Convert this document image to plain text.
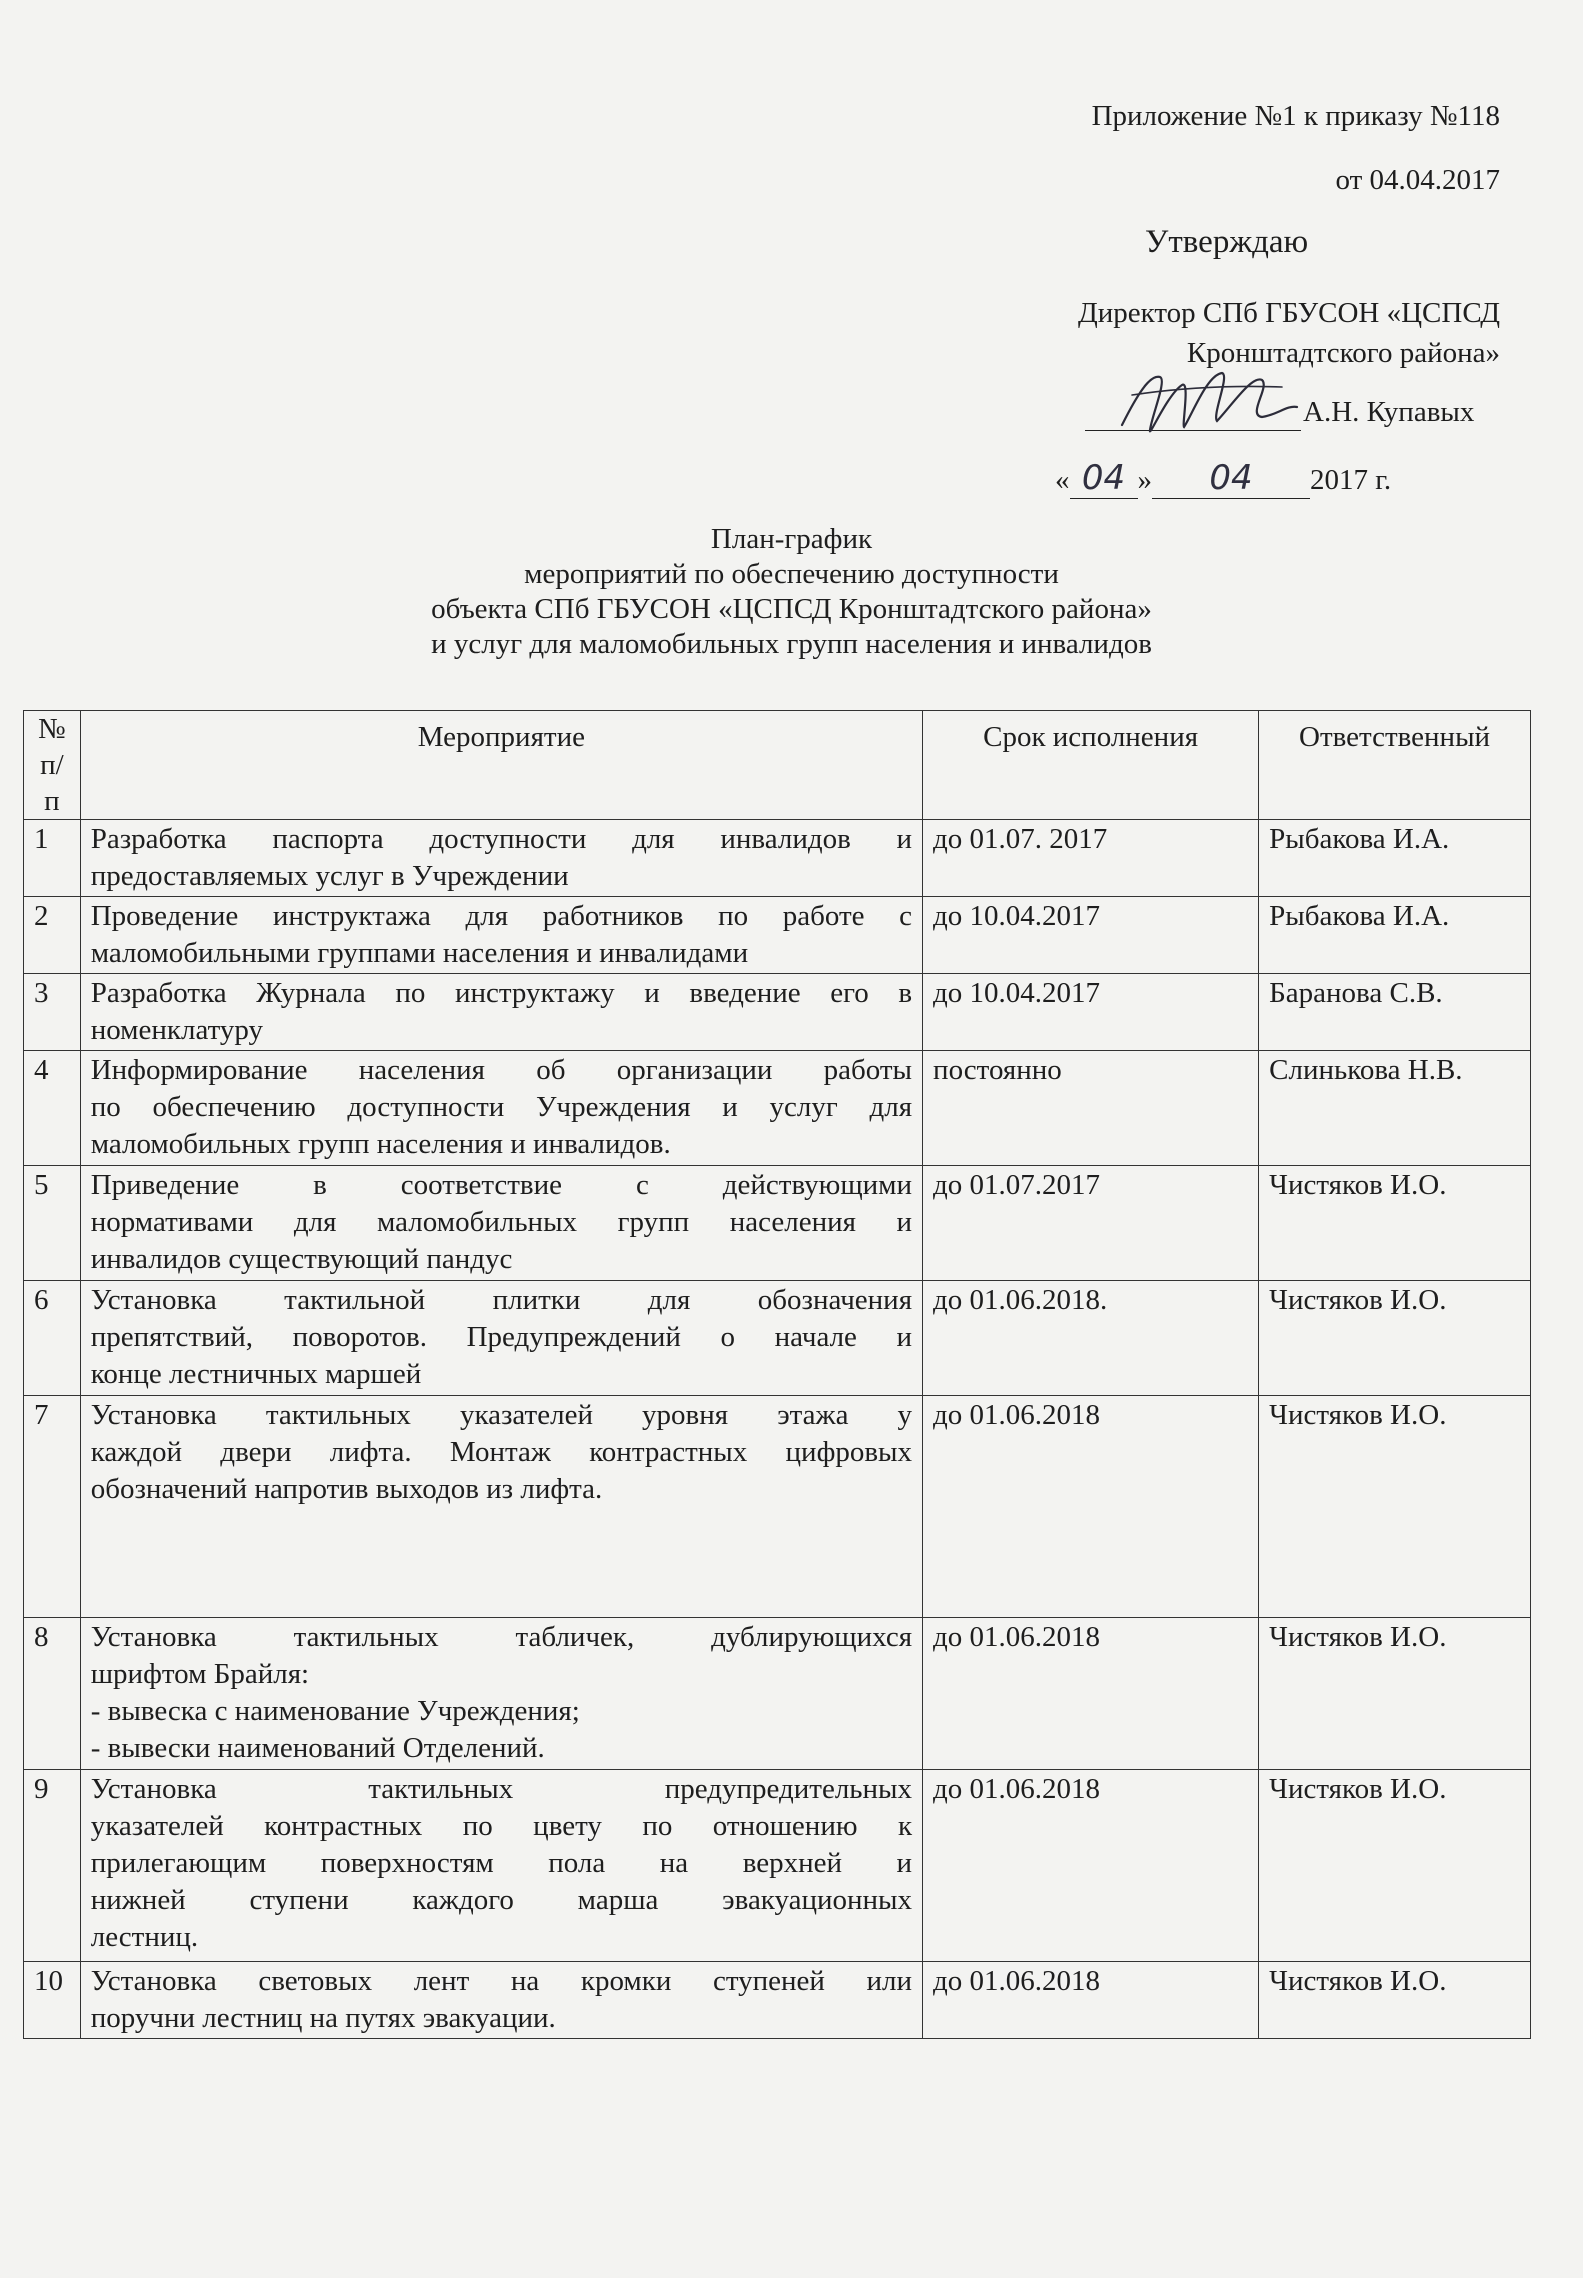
Приложение №1 к приказу №118
от 04.04.2017
Утверждаю
Директор СПб ГБУСОН «ЦСПСД
Кронштадтского района»
А.Н. Купавых
« 04 » 04 2017 г.
План-график
мероприятий по обеспечению доступности
объекта СПб ГБУСОН «ЦСПСД Кронштадтского района»
и услуг для маломобильных групп населения и инвалидов
№ п/п	Мероприятие	Срок исполнения	Ответственный
1	Разработка паспорта доступности для инвалидов и
предоставляемых услуг в Учреждении	до 01.07. 2017	Рыбакова И.А.
2	Проведение инструктажа для работников по работе с
маломобильными группами населения и инвалидами	до 10.04.2017	Рыбакова И.А.
3	Разработка Журнала по инструктажу и введение его в
номенклатуру	до 10.04.2017	Баранова С.В.
4	Информирование населения об организации работы
по обеспечению доступности Учреждения и услуг для
маломобильных групп населения и инвалидов.	постоянно	Слинькова Н.В.
5	Приведение в соответствие с действующими
нормативами для маломобильных групп населения и
инвалидов существующий пандус	до 01.07.2017	Чистяков И.О.
6	Установка тактильной плитки для обозначения
препятствий, поворотов. Предупреждений о начале и
конце лестничных маршей	до 01.06.2018.	Чистяков И.О.
7	Установка тактильных указателей уровня этажа у
каждой двери лифта. Монтаж контрастных цифровых
обозначений напротив выходов из лифта.	до 01.06.2018	Чистяков И.О.
8	Установка тактильных табличек, дублирующихся
шрифтом Брайля:
- вывеска с наименование Учреждения;
- вывески наименований Отделений.	до 01.06.2018	Чистяков И.О.
9	Установка тактильных предупредительных
указателей контрастных по цвету по отношению к
прилегающим поверхностям пола на верхней и
нижней ступени каждого марша эвакуационных
лестниц.	до 01.06.2018	Чистяков И.О.
10	Установка световых лент на кромки ступеней или
поручни лестниц на путях эвакуации.	до 01.06.2018	Чистяков И.О.
